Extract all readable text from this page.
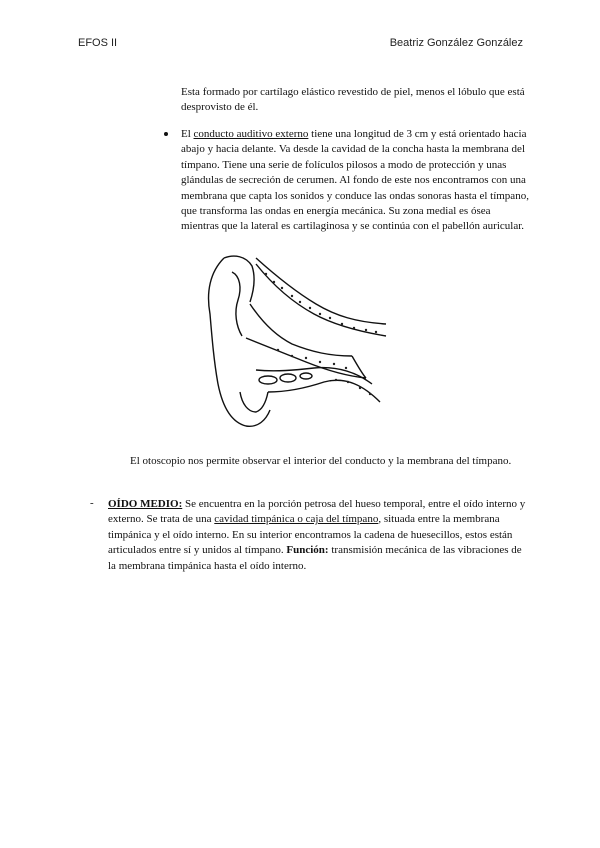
EFOS II	Beatriz González González

Esta formado por cartílago elástico revestido de piel, menos el lóbulo que está desprovisto de él.

El conducto auditivo externo tiene una longitud de 3 cm y está orientado hacia abajo y hacia delante. Va desde la cavidad de la concha hasta la membrana del tímpano. Tiene una serie de folículos pilosos a modo de protección y unas glándulas de secreción de cerumen. Al fondo de este nos encontramos con una membrana que capta los sonidos y conduce las ondas sonoras hasta el tímpano, que transforma las ondas en energía mecánica. Su zona medial es ósea mientras que la lateral es cartilaginosa y se continúa con el pabellón auricular.

El otoscopio nos permite observar el interior del conducto y la membrana del tímpano.

- OÍDO MEDIO: Se encuentra en la porción petrosa del hueso temporal, entre el oído interno y externo. Se trata de una cavidad timpánica o caja del tímpano, situada entre la membrana timpánica y el oído interno. En su interior encontramos la cadena de huesecillos, estos están articulados entre sí y unidos al tímpano. Función: transmisión mecánica de las vibraciones de la membrana timpánica hasta el oído interno.
